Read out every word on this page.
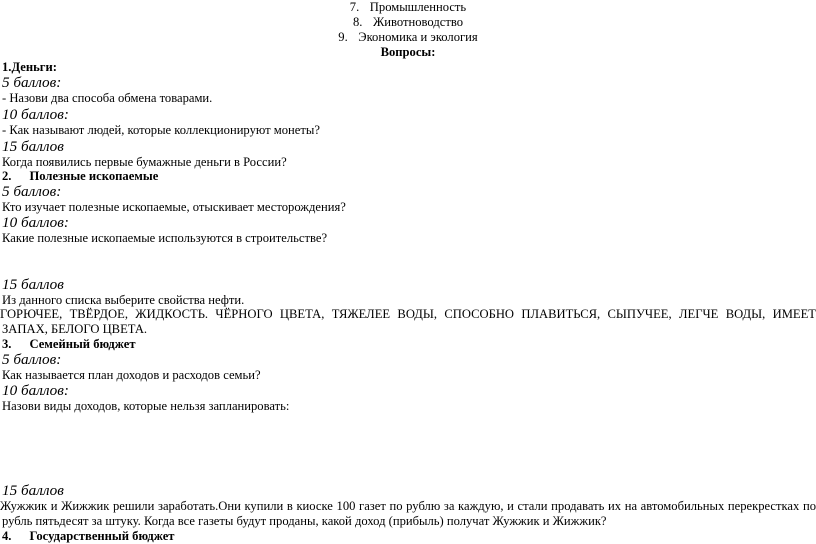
7. Промышленность
8. Животноводство
9. Экономика и экология
Вопросы:
1.Деньги:
5 баллов:
- Назови два способа обмена товарами.
10 баллов:
- Как называют людей, которые коллекционируют монеты?
15 баллов
Когда появились первые бумажные деньги в России?
2. Полезные ископаемые
5 баллов:
Кто изучает полезные ископаемые, отыскивает месторождения?
10 баллов:
Какие полезные ископаемые используются в строительстве?
15 баллов
Из данного списка выберите свойства нефти.
ГОРЮЧЕЕ, ТВЁРДОЕ, ЖИДКОСТЬ. ЧЁРНОГО ЦВЕТА, ТЯЖЕЛЕЕ ВОДЫ, СПОСОБНО ПЛАВИТЬСЯ, СЫПУЧЕЕ, ЛЕГЧЕ ВОДЫ, ИМЕЕТ
ЗАПАХ, БЕЛОГО ЦВЕТА.
3. Семейный бюджет
5 баллов:
Как называется план доходов и расходов семьи?
10 баллов:
Назови виды доходов, которые нельзя запланировать:
15 баллов
Жужжик и Жижжик решили заработать.Они купили в киоске 100 газет по рублю за каждую, и стали продавать их на автомобильных перекрестках по
рубль пятьдесят за штуку. Когда все газеты будут проданы, какой доход (прибыль) получат Жужжик и Жижжик?
4. Государственный бюджет
